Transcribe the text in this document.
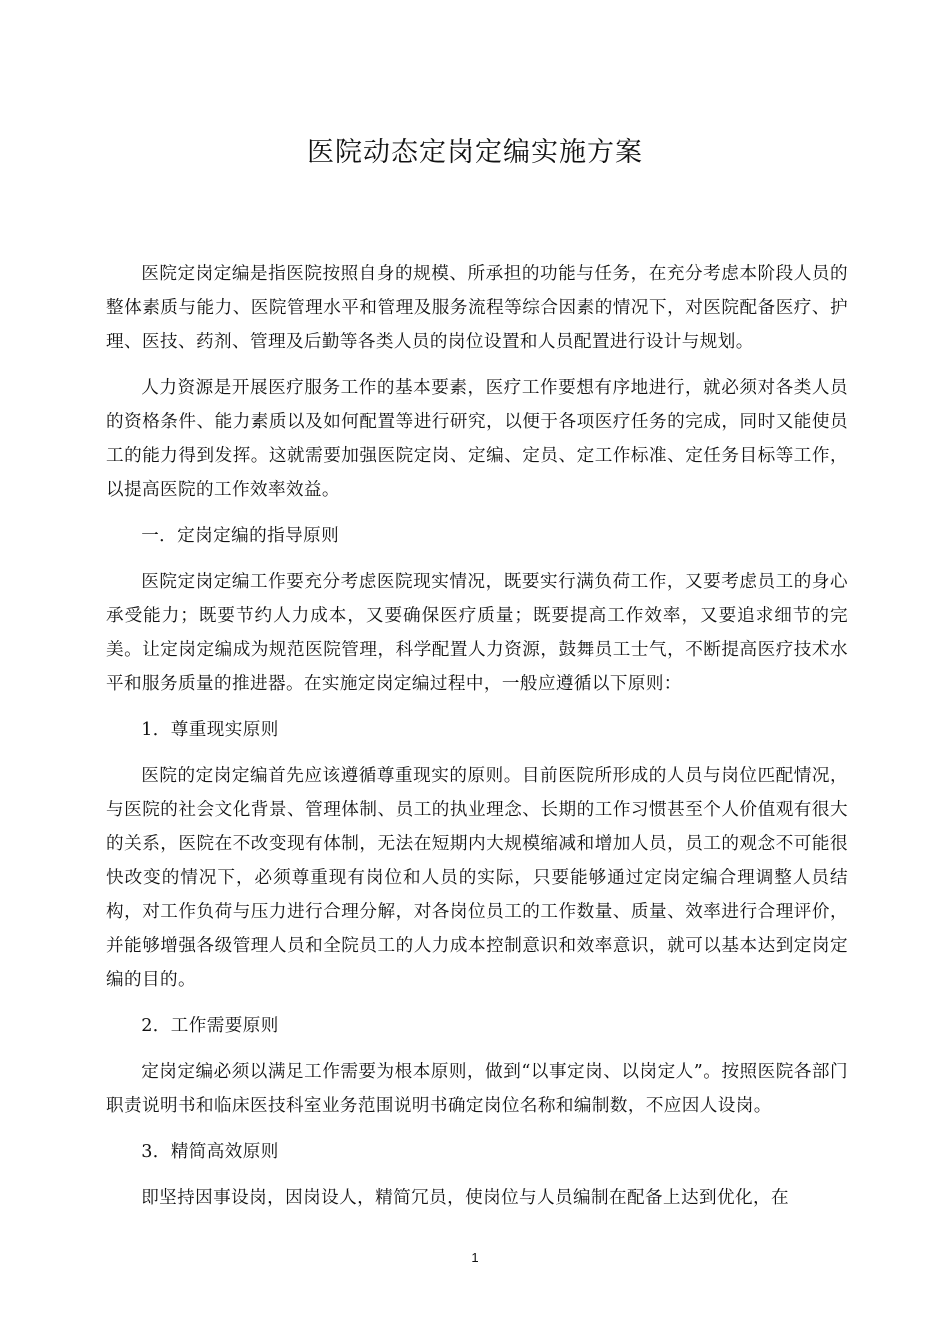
医院动态定岗定编实施方案

医院定岗定编是指医院按照自身的规模、所承担的功能与任务，在充分考虑本阶段人员的整体素质与能力、医院管理水平和管理及服务流程等综合因素的情况下，对医院配备医疗、护理、医技、药剂、管理及后勤等各类人员的岗位设置和人员配置进行设计与规划。

人力资源是开展医疗服务工作的基本要素，医疗工作要想有序地进行，就必须对各类人员的资格条件、能力素质以及如何配置等进行研究，以便于各项医疗任务的完成，同时又能使员工的能力得到发挥。这就需要加强医院定岗、定编、定员、定工作标准、定任务目标等工作，以提高医院的工作效率效益。

一．定岗定编的指导原则

医院定岗定编工作要充分考虑医院现实情况，既要实行满负荷工作，又要考虑员工的身心承受能力；既要节约人力成本，又要确保医疗质量；既要提高工作效率，又要追求细节的完美。让定岗定编成为规范医院管理，科学配置人力资源，鼓舞员工士气，不断提高医疗技术水平和服务质量的推进器。在实施定岗定编过程中，一般应遵循以下原则：

1．尊重现实原则

医院的定岗定编首先应该遵循尊重现实的原则。目前医院所形成的人员与岗位匹配情况，与医院的社会文化背景、管理体制、员工的执业理念、长期的工作习惯甚至个人价值观有很大的关系，医院在不改变现有体制，无法在短期内大规模缩减和增加人员，员工的观念不可能很快改变的情况下，必须尊重现有岗位和人员的实际，只要能够通过定岗定编合理调整人员结构，对工作负荷与压力进行合理分解，对各岗位员工的工作数量、质量、效率进行合理评价，并能够增强各级管理人员和全院员工的人力成本控制意识和效率意识，就可以基本达到定岗定编的目的。

2．工作需要原则

定岗定编必须以满足工作需要为根本原则，做到“以事定岗、以岗定人”。按照医院各部门职责说明书和临床医技科室业务范围说明书确定岗位名称和编制数，不应因人设岗。

3．精简高效原则

即坚持因事设岗，因岗设人，精简冗员，使岗位与人员编制在配备上达到优化，在

1
